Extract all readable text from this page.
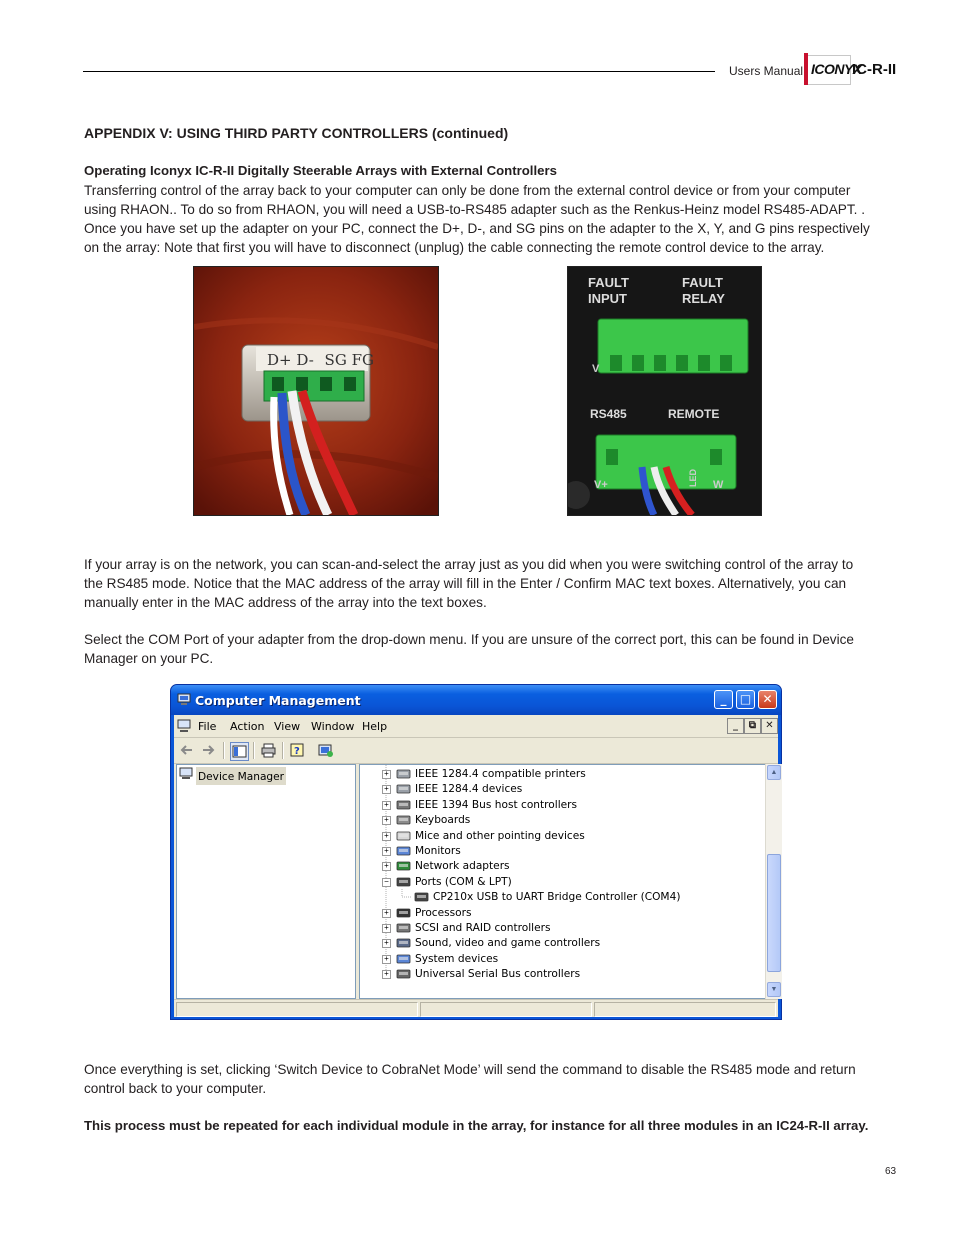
Users Manual ICONYX
IC-R-II
APPENDIX V: USING THIRD PARTY CONTROLLERS (continued)
Operating Iconyx IC-R-II Digitally Steerable Arrays with External Controllers
Transferring control of the array back to your computer can only be done from the external control device or from your computer using RHAON.. To do so from RHAON, you will need a USB-to-RS485 adapter such as the Renkus-Heinz model RS485-ADAPT. . Once you have set up the adapter on your PC, connect the D+, D-, and SG pins on the adapter to the X, Y, and G pins respectively on the array: Note that first you will have to disconnect (unplug) the cable connecting the remote control device to the array.
D+ D- SG FG
FAULT
INPUT
FAULT
RELAY
RS485	REMOTE
V
V+	LED W
If your array is on the network, you can scan-and-select the array just as you did when you were switching control of the array to the RS485 mode. Notice that the MAC address of the array will fill in the Enter / Confirm MAC text boxes. Alternatively, you can manually enter in the MAC address of the array into the text boxes.
Select the COM Port of your adapter from the drop-down menu. If you are unsure of the correct port, this can be found in Device Manager on your PC.
Computer Management	_	□ ✕
File Action View Window Help	_	⧉ ✕
?
Device Manager	+ IEEE 1284.4 compatible printers
+ IEEE 1284.4 devices
+ IEEE 1394 Bus host controllers
+ Keyboards
+ Mice and other pointing devices
+ Monitors
+ Network adapters
− Ports (COM & LPT)
CP210x USB to UART Bridge Controller (COM4)
+ Processors
+ SCSI and RAID controllers
+ Sound, video and game controllers
+ System devices
+ Universal Serial Bus controllers
▲
▼
Once everything is set, clicking ‘Switch Device to CobraNet Mode’ will send the command to disable the RS485 mode and return control back to your computer.
This process must be repeated for each individual module in the array, for instance for all three modules in an IC24-R-II array.
63
